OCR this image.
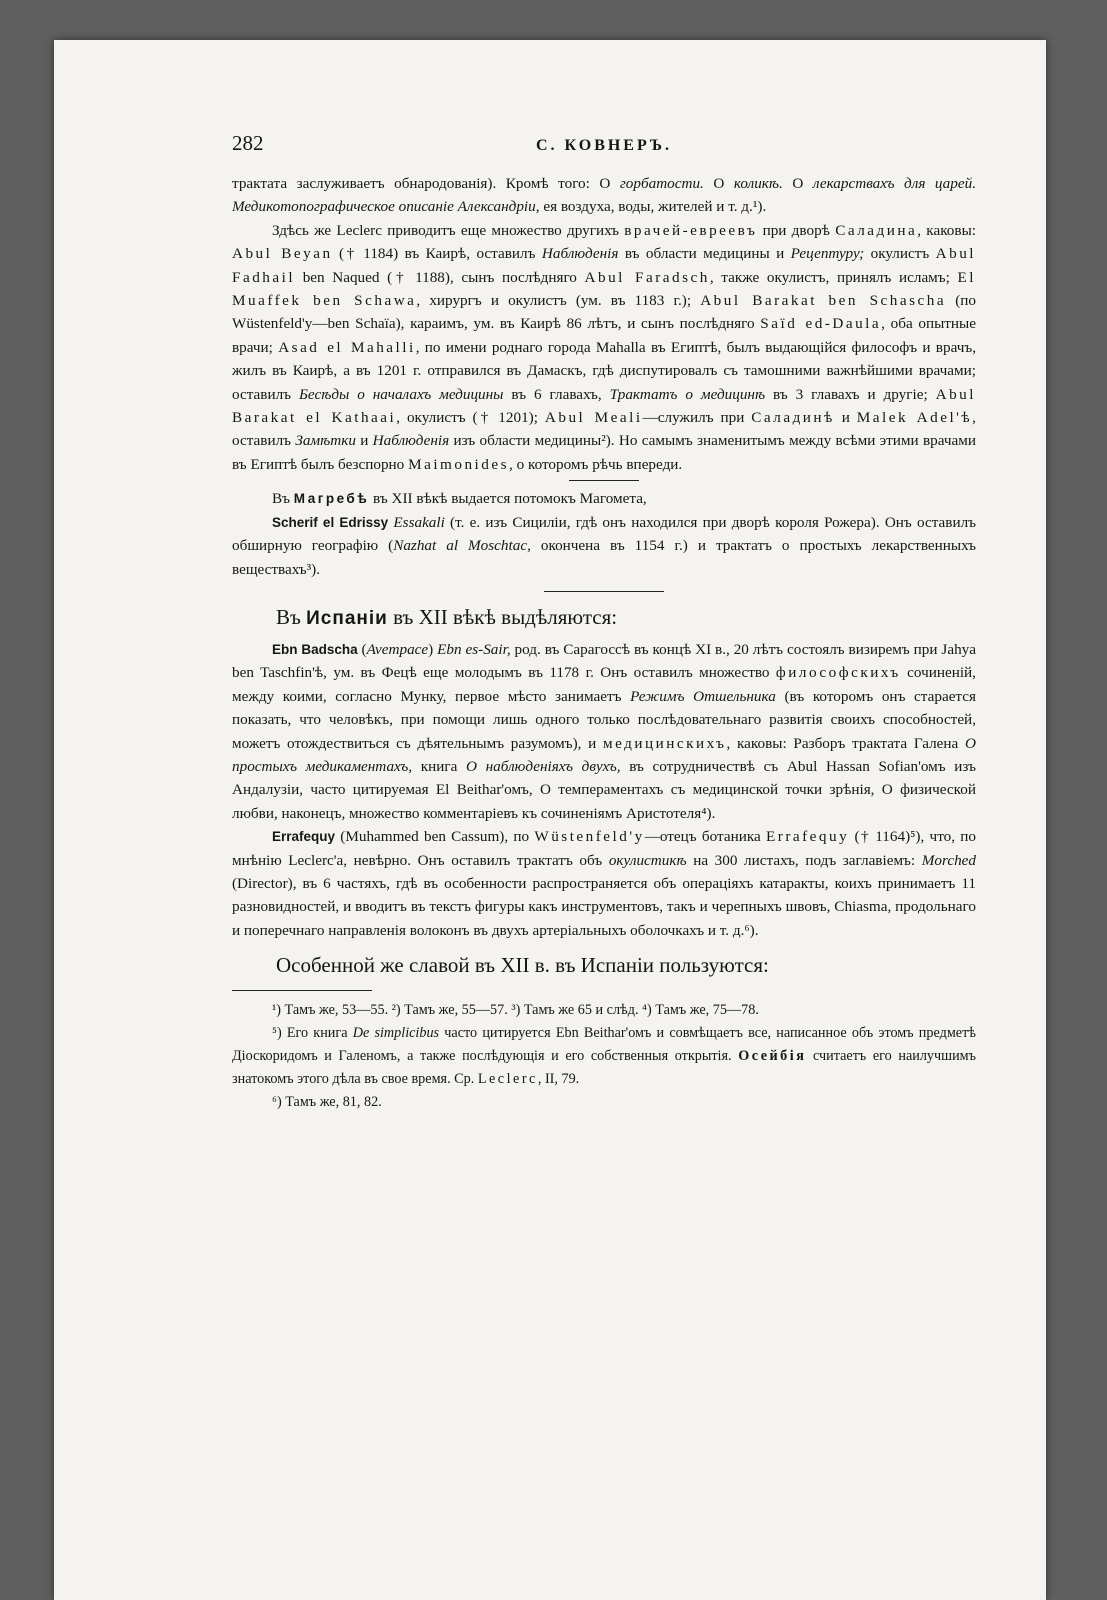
282	С. КОВНЕРЪ.

трактата заслуживаетъ обнародованія). Кромѣ того: О горбатости. О коликѣ. О лекарствахъ для царей. Медикотопографическое описаніе Александріи, ея воздуха, воды, жителей и т. д.¹).

Здѣсь же Leclerc приводитъ еще множество другихъ врачей-евреевъ при дворѣ Саладина, каковы: Abul Beyan († 1184) въ Каирѣ, оставилъ Наблюденія въ области медицины и Рецептуру; окулистъ Abul Fadhail ben Naqued († 1188), сынъ послѣдняго Abul Faradsch, также окулистъ, принялъ исламъ; El Muaffek ben Schawa, хирургъ и окулистъ (ум. въ 1183 г.); Abul Barakat ben Schascha (по Wüstenfeld'y—ben Schaïa), караимъ, ум. въ Каирѣ 86 лѣтъ, и сынъ послѣдняго Saïd ed-Daula, оба опытные врачи; Asad el Mahalli, по имени роднаго города Mahalla въ Египтѣ, былъ выдающійся философъ и врачъ, жилъ въ Каирѣ, а въ 1201 г. отправился въ Дамаскъ, гдѣ диспутировалъ съ тамошними важнѣйшими врачами; оставилъ Бесѣды о началахъ медицины въ 6 главахъ, Трактатъ о медицинѣ въ 3 главахъ и другіе; Abul Barakat el Kathaai, окулистъ († 1201); Abul Meali—служилъ при Саладинѣ и Malek Adel'ѣ, оставилъ Замѣтки и Наблюденія изъ области медицины²). Но самымъ знаменитымъ между всѣми этими врачами въ Египтѣ былъ безспорно Maimonides, о которомъ рѣчь впереди.

Въ Магребѣ въ XII вѣкѣ выдается потомокъ Магомета,

Scherif el Edrissy Essakali (т. е. изъ Сициліи, гдѣ онъ находился при дворѣ короля Рожера). Онъ оставилъ обширную географію (Nazhat al Moschtac, окончена въ 1154 г.) и трактатъ о простыхъ лекарственныхъ веществахъ³).

Въ Испаніи въ XII вѣкѣ выдѣляются:

Ebn Badscha (Avempace) Ebn es-Sair, род. въ Сарагоссѣ въ концѣ XI в., 20 лѣтъ состоялъ визиремъ при Jahya ben Taschfin'ѣ, ум. въ Фецѣ еще молодымъ въ 1178 г. Онъ оставилъ множество философскихъ сочиненій, между коими, согласно Мунку, первое мѣсто занимаетъ Режимъ Отшельника (въ которомъ онъ старается показать, что человѣкъ, при помощи лишь одного только послѣдовательнаго развитія своихъ способностей, можетъ отождествиться съ дѣятельнымъ разумомъ), и медицинскихъ, каковы: Разборъ трактата Галена О простыхъ медикаментахъ, книга О наблюденіяхъ двухъ, въ сотрудничествѣ съ Abul Hassan Sofian'омъ изъ Андалузіи, часто цитируемая El Beithar'омъ, О темпераментахъ съ медицинской точки зрѣнія, О физической любви, наконецъ, множество комментаріевъ къ сочиненіямъ Аристотеля⁴).

Errafequy (Muhammed ben Cassum), по Wüstenfeld'y—отецъ ботаника Errafequy († 1164)⁵), что, по мнѣнію Leclerc'a, невѣрно. Онъ оставилъ трактатъ объ окулистикѣ на 300 листахъ, подъ заглавіемъ: Morched (Director), въ 6 частяхъ, гдѣ въ особенности распространяется объ операціяхъ катаракты, коихъ принимаетъ 11 разновидностей, и вводитъ въ текстъ фигуры какъ инструментовъ, такъ и черепныхъ швовъ, Chiasma, продольнаго и поперечнаго направленія волоконъ въ двухъ артеріальныхъ оболочкахъ и т. д.⁶).

Особенной же славой въ XII в. въ Испаніи пользуются:

¹) Тамъ же, 53—55. ²) Тамъ же, 55—57. ³) Тамъ же 65 и слѣд. ⁴) Тамъ же, 75—78.

⁵) Его книга De simplicibus часто цитируется Ebn Beithar'омъ и совмѣщаетъ все, написанное объ этомъ предметѣ Діоскоридомъ и Галеномъ, а также послѣдующія и его собственныя открытія. Осейбія считаетъ его наилучшимъ знатокомъ этого дѣла въ свое время. Ср. Leclerc, II, 79.

⁶) Тамъ же, 81, 82.
